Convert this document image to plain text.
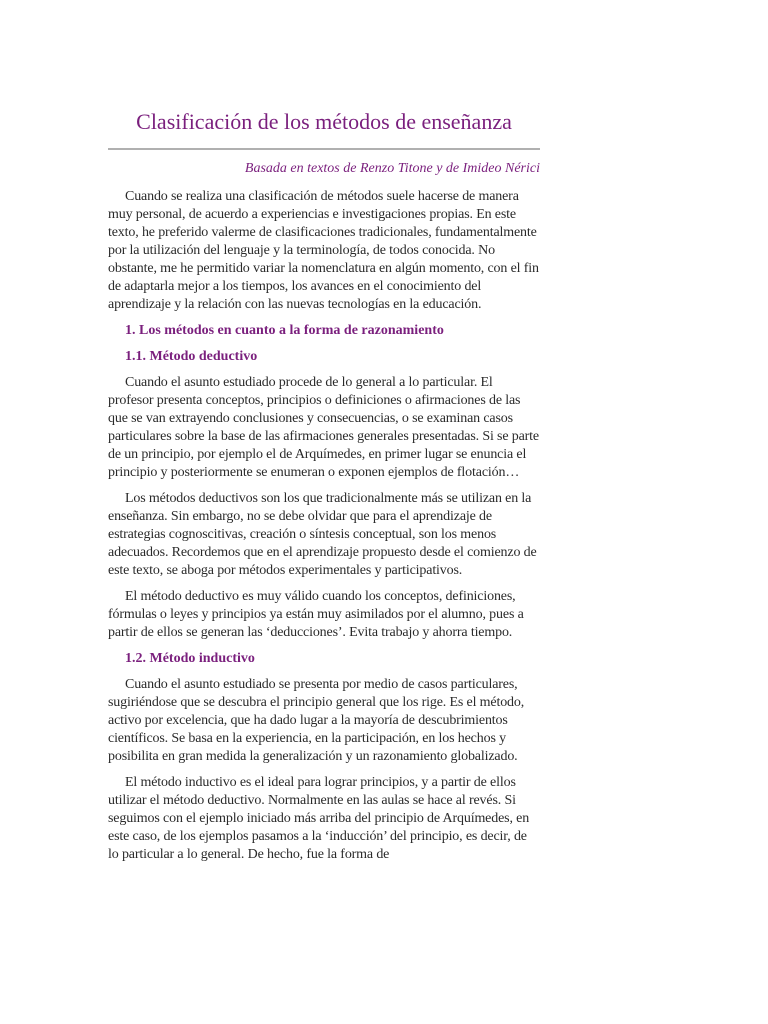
Clasificación de los métodos de enseñanza

Basada en textos de Renzo Titone y de Imideo Nérici

Cuando se realiza una clasificación de métodos suele hacerse de manera muy personal, de acuerdo a experiencias e investigaciones propias. En este texto, he preferido valerme de clasificaciones tradicionales, fundamentalmente por la utilización del lenguaje y la terminología, de todos conocida. No obstante, me he permitido variar la nomenclatura en algún momento, con el fin de adaptarla mejor a los tiempos, los avances en el conocimiento del aprendizaje y la relación con las nuevas tecnologías en la educación.

1. Los métodos en cuanto a la forma de razonamiento

1.1. Método deductivo

Cuando el asunto estudiado procede de lo general a lo particular. El profesor presenta conceptos, principios o definiciones o afirmaciones de las que se van extrayendo conclusiones y consecuencias, o se examinan casos particulares sobre la base de las afirmaciones generales presentadas. Si se parte de un principio, por ejemplo el de Arquímedes, en primer lugar se enuncia el principio y posteriormente se enumeran o exponen ejemplos de flotación…

Los métodos deductivos son los que tradicionalmente más se utilizan en la enseñanza. Sin embargo, no se debe olvidar que para el aprendizaje de estrategias cognoscitivas, creación o síntesis conceptual, son los menos adecuados. Recordemos que en el aprendizaje propuesto desde el comienzo de este texto, se aboga por métodos experimentales y participativos.

El método deductivo es muy válido cuando los conceptos, definiciones, fórmulas o leyes y principios ya están muy asimilados por el alumno, pues a partir de ellos se generan las ‘deducciones’. Evita trabajo y ahorra tiempo.

1.2. Método inductivo

Cuando el asunto estudiado se presenta por medio de casos particulares, sugiriéndose que se descubra el principio general que los rige. Es el método, activo por excelencia, que ha dado lugar a la mayoría de descubrimientos científicos. Se basa en la experiencia, en la participación, en los hechos y posibilita en gran medida la generalización y un razonamiento globalizado.

El método inductivo es el ideal para lograr principios, y a partir de ellos utilizar el método deductivo. Normalmente en las aulas se hace al revés. Si seguimos con el ejemplo iniciado más arriba del principio de Arquímedes, en este caso, de los ejemplos pasamos a la ‘inducción’ del principio, es decir, de lo particular a lo general. De hecho, fue la forma de
